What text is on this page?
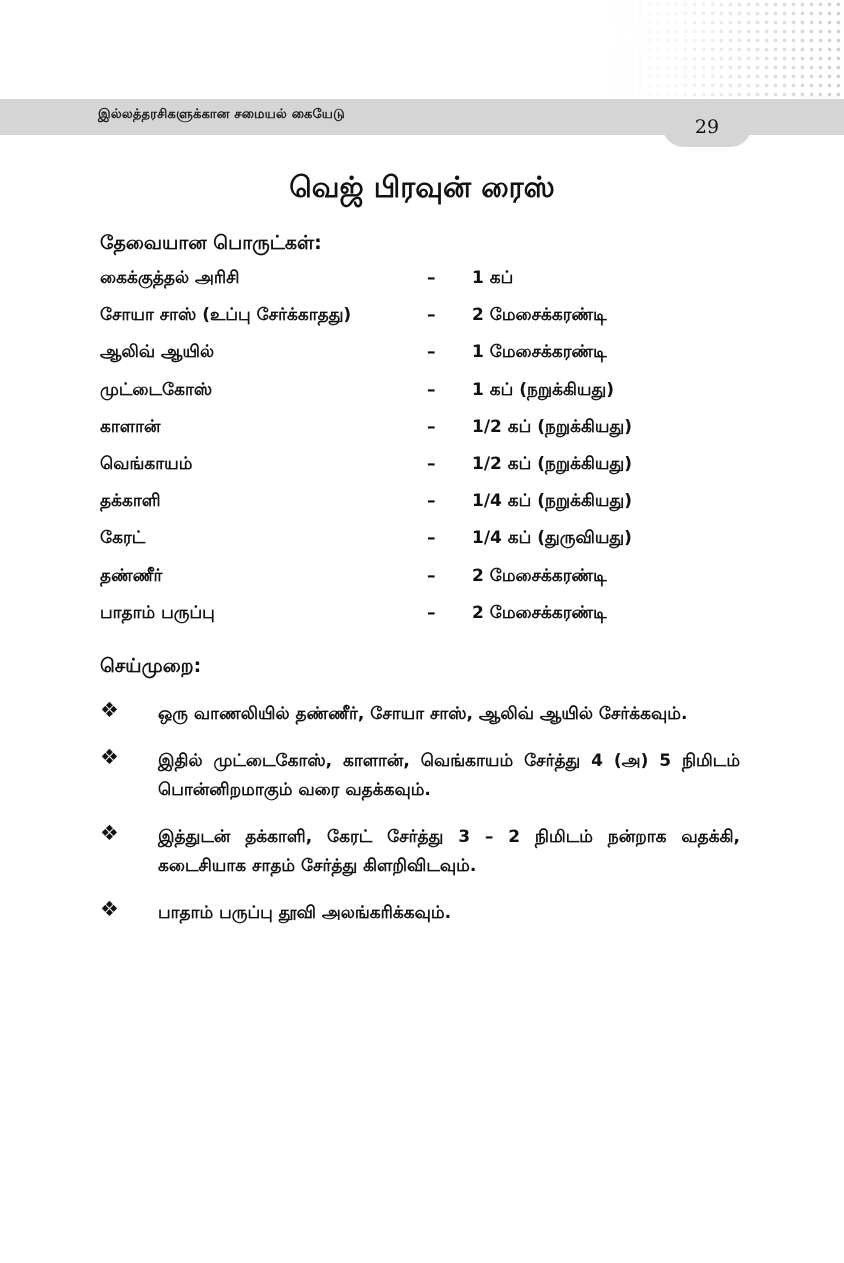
இல்லத்தரசிகளுக்கான சமையல் கையேடு
29
வெஜ் பிரவுன் ரைஸ்
தேவையான பொருட்கள்:
கைக்குத்தல் அரிசி	– 1 கப்
சோயா சாஸ் (உப்பு சேர்க்காதது)	– 2 மேசைக்கரண்டி
ஆலிவ் ஆயில்	– 1 மேசைக்கரண்டி
முட்டைகோஸ்	– 1 கப் (நறுக்கியது)
காளான்	– 1/2 கப் (நறுக்கியது)
வெங்காயம்	– 1/2 கப் (நறுக்கியது)
தக்காளி	– 1/4 கப் (நறுக்கியது)
கேரட்	– 1/4 கப் (துருவியது)
தண்ணீர்	– 2 மேசைக்கரண்டி
பாதாம் பருப்பு	– 2 மேசைக்கரண்டி
செய்முறை:
❖ ஒரு வாணலியில் தண்ணீர், சோயா சாஸ், ஆலிவ் ஆயில் சேர்க்கவும்.
❖ இதில் முட்டைகோஸ், காளான், வெங்காயம் சேர்த்து 4 (அ) 5 நிமிடம் பொன்னிறமாகும் வரை வதக்கவும்.
❖ இத்துடன் தக்காளி, கேரட் சேர்த்து 3 – 2 நிமிடம் நன்றாக வதக்கி, கடைசியாக சாதம் சேர்த்து கிளறிவிடவும்.
❖ பாதாம் பருப்பு தூவி அலங்கரிக்கவும்.
